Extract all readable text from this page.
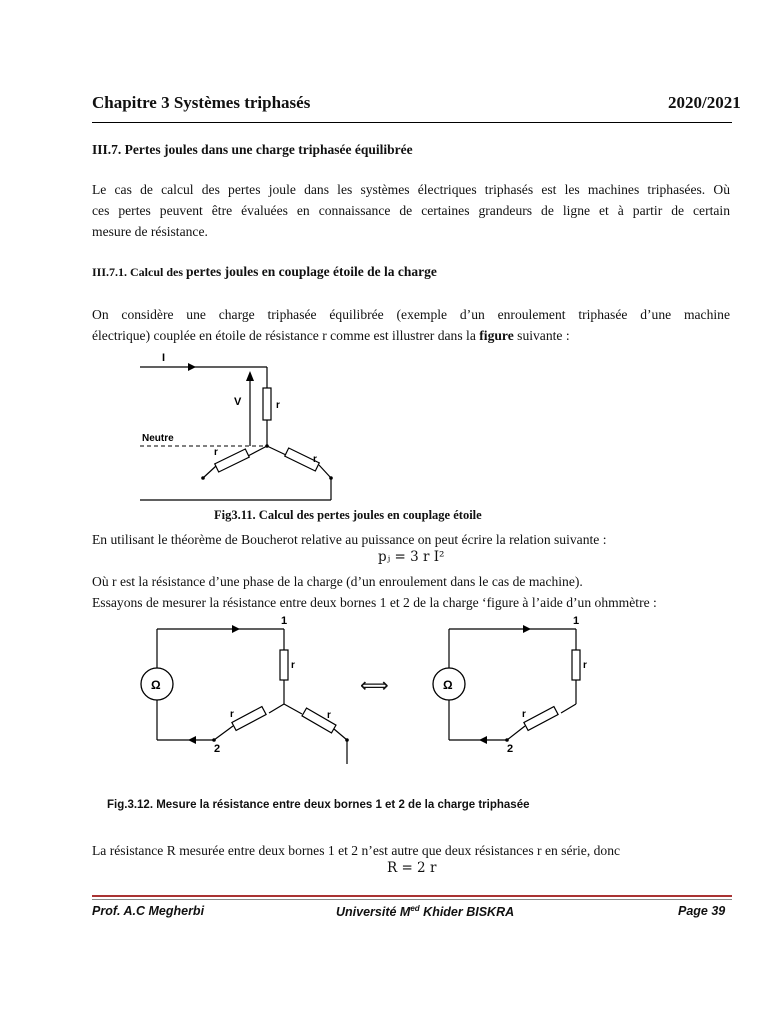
Chapitre 3 Systèmes triphasés	2020/2021
III.7. Pertes joules dans une charge triphasée équilibrée
Le cas de calcul des pertes joule dans les systèmes électriques triphasés est les machines triphasées. Où
ces pertes peuvent être évaluées en connaissance de certaines grandeurs de ligne et à partir de certain
mesure de résistance.
III.7.1. Calcul des pertes joules en couplage étoile de la charge
On considère une charge triphasée équilibrée (exemple d’un enroulement triphasée d’une machine
électrique) couplée en étoile de résistance r comme est illustrer dans la figure suivante :
I
r
V
Neutre
r
r
Fig3.11. Calcul des pertes joules en couplage étoile
En utilisant le théorème de Boucherot relative au puissance on peut écrire la relation suivante :
pⱼ = 3 r I²
Où r est la résistance d’une phase de la charge (d’un enroulement dans le cas de machine).
Essayons de mesurer la résistance entre deux bornes 1 et 2 de la charge ‘figure à l’aide d’un ohmmètre :
1
Ω
2
r
r	r
⟺
1
Ω
2
r
r
Fig.3.12. Mesure la résistance entre deux bornes 1 et 2 de la charge triphasée
La résistance R mesurée entre deux bornes 1 et 2 n’est autre que deux résistances r en série, donc
R = 2 r
Prof. A.C Megherbi	Université $M^{ed}$ Khider BISKRA	Page 39
